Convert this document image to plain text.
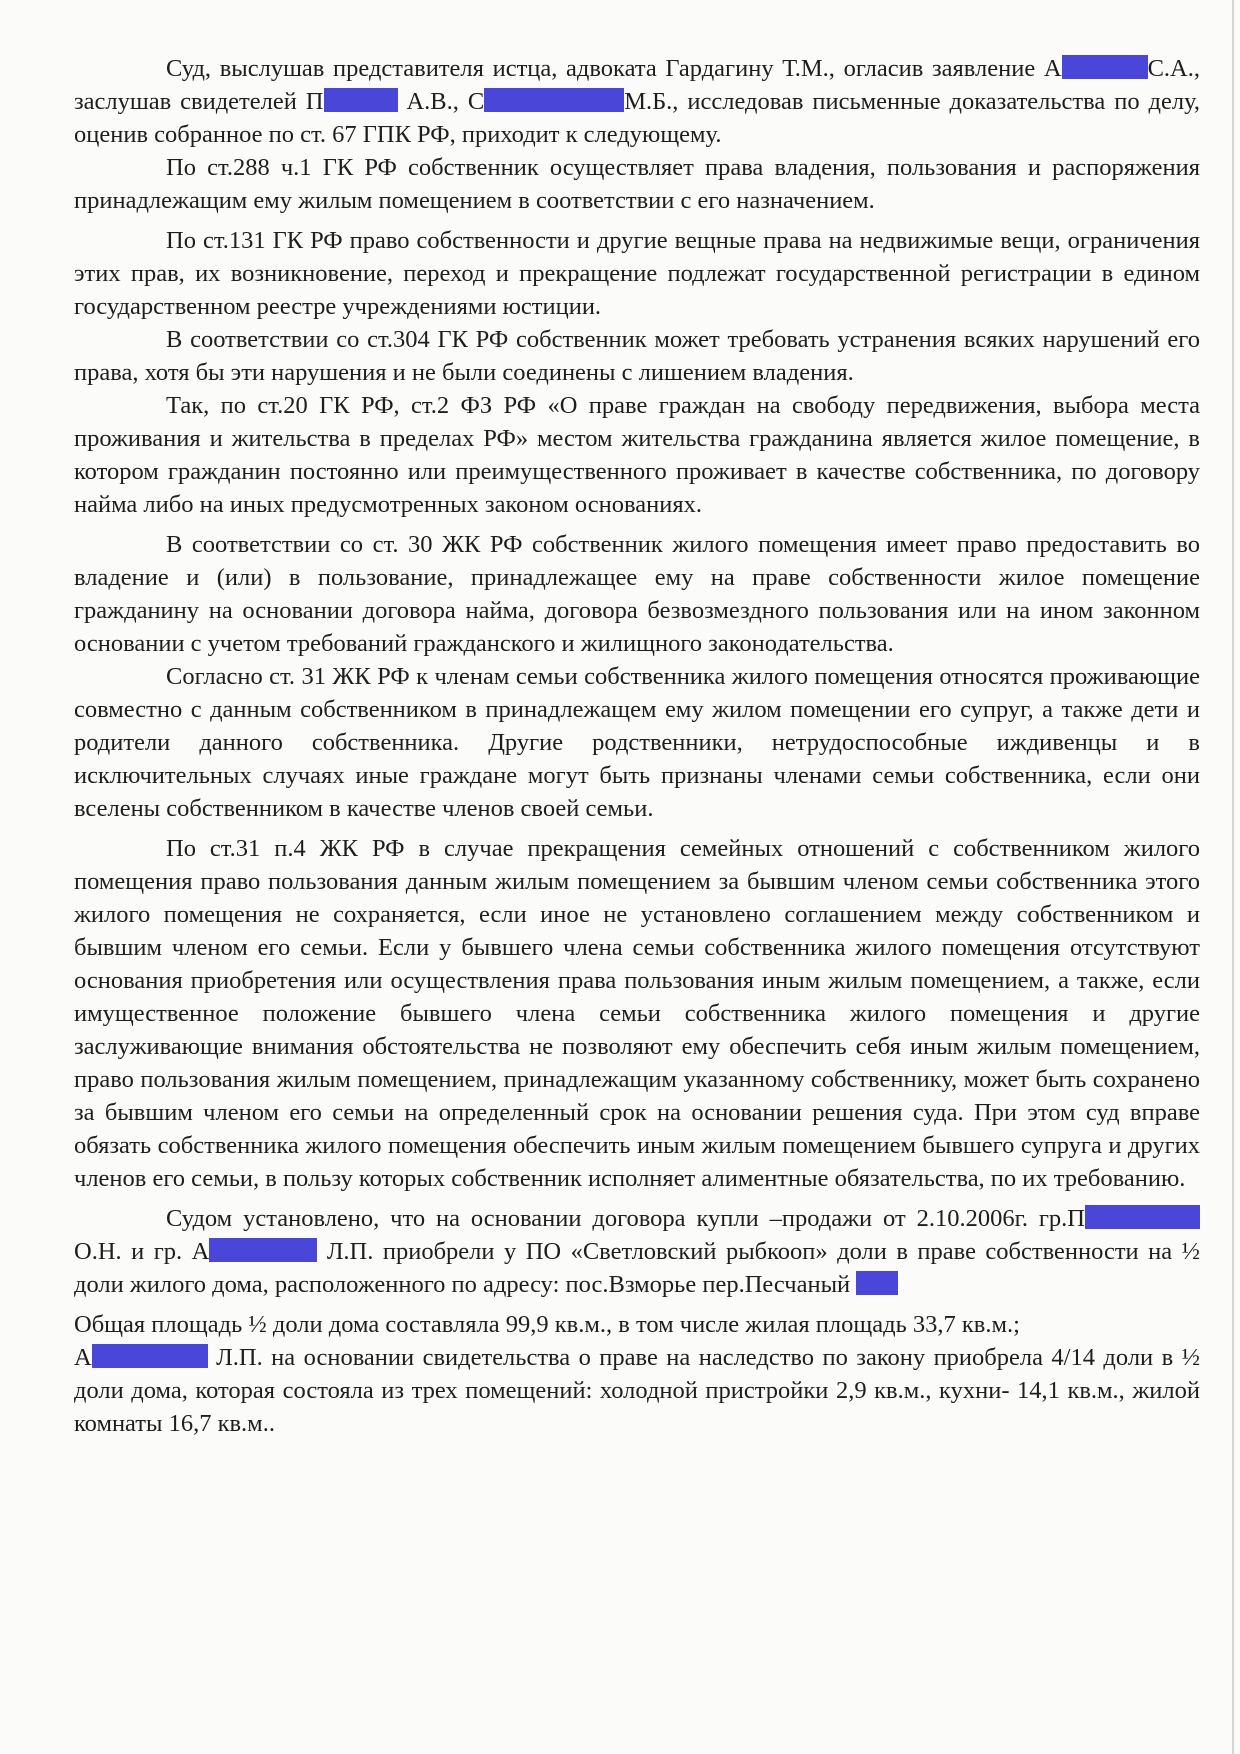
Суд, выслушав представителя истца, адвоката Гардагину Т.М., огласив заявление А	С.А., заслушав свидетелей П	А.В., С	М.Б., исследовав письменные доказательства по делу, оценив собранное по ст. 67 ГПК РФ, приходит к следующему.

По ст.288 ч.1 ГК РФ собственник осуществляет права владения, пользования и распоряжения принадлежащим ему жилым помещением в соответствии с его назначением.

По ст.131 ГК РФ право собственности и другие вещные права на недвижимые вещи, ограничения этих прав, их возникновение, переход и прекращение подлежат государственной регистрации в едином государственном реестре учреждениями юстиции.

В соответствии со ст.304 ГК РФ собственник может требовать устранения всяких нарушений его права, хотя бы эти нарушения и не были соединены с лишением владения.

Так, по ст.20 ГК РФ, ст.2 ФЗ РФ «О праве граждан на свободу передвижения, выбора места проживания и жительства в пределах РФ» местом жительства гражданина является жилое помещение, в котором гражданин постоянно или преимущественного проживает в качестве собственника, по договору найма либо на иных предусмотренных законом основаниях.

В соответствии со ст. 30 ЖК РФ собственник жилого помещения имеет право предоставить во владение и (или) в пользование, принадлежащее ему на праве собственности жилое помещение гражданину на основании договора найма, договора безвозмездного пользования или на ином законном основании с учетом требований гражданского и жилищного законодательства.

Согласно ст. 31 ЖК РФ к членам семьи собственника жилого помещения относятся проживающие совместно с данным собственником в принадлежащем ему жилом помещении его супруг, а также дети и родители данного собственника. Другие родственники, нетрудоспособные иждивенцы и в исключительных случаях иные граждане могут быть признаны членами семьи собственника, если они вселены собственником в качестве членов своей семьи.

По ст.31 п.4 ЖК РФ в случае прекращения семейных отношений с собственником жилого помещения право пользования данным жилым помещением за бывшим членом семьи собственника этого жилого помещения не сохраняется, если иное не установлено соглашением между собственником и бывшим членом его семьи. Если у бывшего члена семьи собственника жилого помещения отсутствуют основания приобретения или осуществления права пользования иным жилым помещением, а также, если имущественное положение бывшего члена семьи собственника жилого помещения и другие заслуживающие внимания обстоятельства не позволяют ему обеспечить себя иным жилым помещением, право пользования жилым помещением, принадлежащим указанному собственнику, может быть сохранено за бывшим членом его семьи на определенный срок на основании решения суда. При этом суд вправе обязать собственника жилого помещения обеспечить иным жилым помещением бывшего супруга и других членов его семьи, в пользу которых собственник исполняет алиментные обязательства, по их требованию.

Судом установлено, что на основании договора купли –продажи от 2.10.2006г. гр.П О.Н. и гр. А	Л.П. приобрели у ПО «Светловский рыбкооп» доли в праве собственности на ½ доли жилого дома, расположенного по адресу: пос.Взморье пер.Песчаный

Общая площадь ½ доли дома составляла 99,9 кв.м., в том числе жилая площадь 33,7 кв.м.;

А	Л.П. на основании свидетельства о праве на наследство по закону приобрела 4/14 доли в ½ доли дома, которая состояла из трех помещений: холодной пристройки 2,9 кв.м., кухни- 14,1 кв.м., жилой комнаты 16,7 кв.м..
